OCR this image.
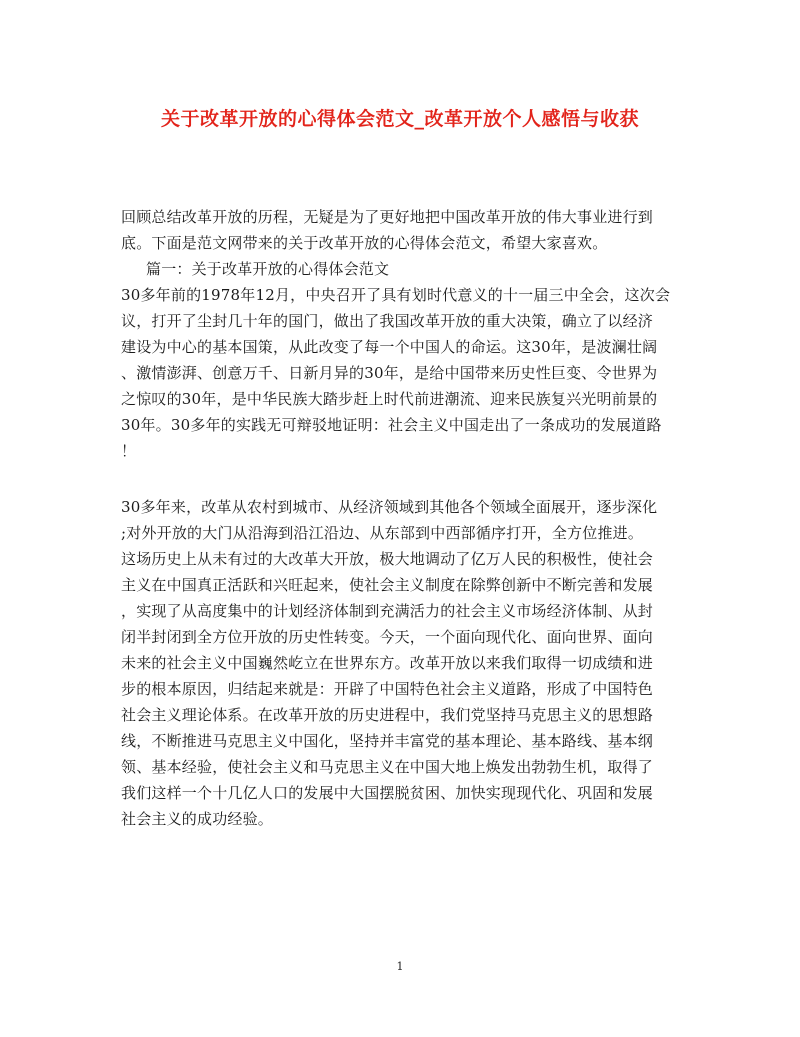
关于改革开放的心得体会范文_改革开放个人感悟与收获
回顾总结改革开放的历程，无疑是为了更好地把中国改革开放的伟大事业进行到
底。下面是范文网带来的关于改革开放的心得体会范文，希望大家喜欢。
篇一：关于改革开放的心得体会范文
30多年前的1978年12月，中央召开了具有划时代意义的十一届三中全会，这次会
议，打开了尘封几十年的国门，做出了我国改革开放的重大决策，确立了以经济
建设为中心的基本国策，从此改变了每一个中国人的命运。这30年，是波澜壮阔
、激情澎湃、创意万千、日新月异的30年，是给中国带来历史性巨变、令世界为
之惊叹的30年，是中华民族大踏步赶上时代前进潮流、迎来民族复兴光明前景的
30年。30多年的实践无可辩驳地证明：社会主义中国走出了一条成功的发展道路
！
30多年来，改革从农村到城市、从经济领域到其他各个领域全面展开，逐步深化
;对外开放的大门从沿海到沿江沿边、从东部到中西部循序打开，全方位推进。
这场历史上从未有过的大改革大开放，极大地调动了亿万人民的积极性，使社会
主义在中国真正活跃和兴旺起来，使社会主义制度在除弊创新中不断完善和发展
，实现了从高度集中的计划经济体制到充满活力的社会主义市场经济体制、从封
闭半封闭到全方位开放的历史性转变。今天，一个面向现代化、面向世界、面向
未来的社会主义中国巍然屹立在世界东方。改革开放以来我们取得一切成绩和进
步的根本原因，归结起来就是：开辟了中国特色社会主义道路，形成了中国特色
社会主义理论体系。在改革开放的历史进程中，我们党坚持马克思主义的思想路
线，不断推进马克思主义中国化，坚持并丰富党的基本理论、基本路线、基本纲
领、基本经验，使社会主义和马克思主义在中国大地上焕发出勃勃生机，取得了
我们这样一个十几亿人口的发展中大国摆脱贫困、加快实现现代化、巩固和发展
社会主义的成功经验。
1
